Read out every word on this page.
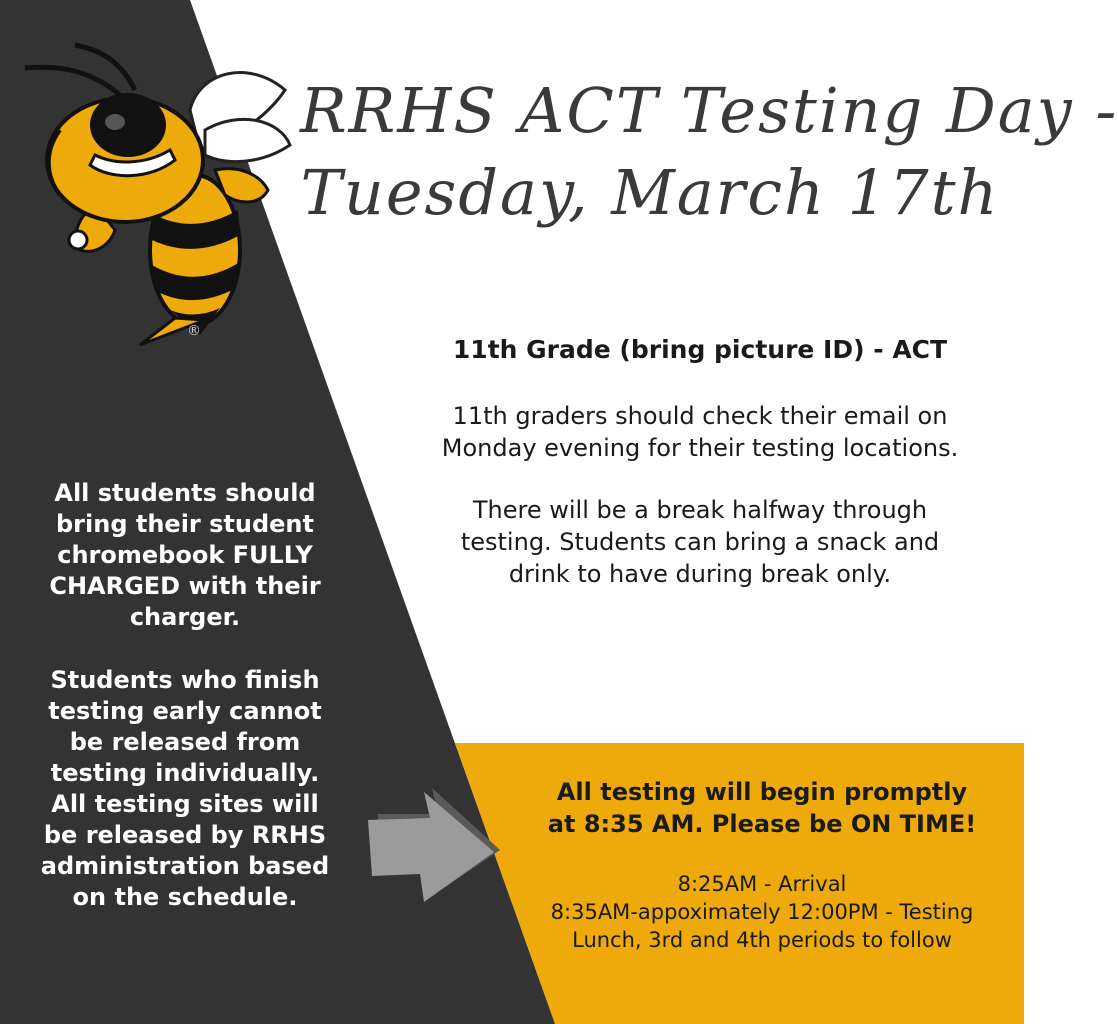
®
RRHS ACT Testing Day -
Tuesday, March 17th
11th Grade (bring picture ID) - ACT
11th graders should check their email on
Monday evening for their testing locations.
There will be a break halfway through
testing. Students can bring a snack and
drink to have during break only.
All students should
bring their student
chromebook FULLY
CHARGED with their
charger.
Students who finish
testing early cannot
be released from
testing individually.
All testing sites will
be released by RRHS
administration based
on the schedule.
All testing will begin promptly
at 8:35 AM. Please be ON TIME!
8:25AM - Arrival
8:35AM-appoximately 12:00PM - Testing
Lunch, 3rd and 4th periods to follow
